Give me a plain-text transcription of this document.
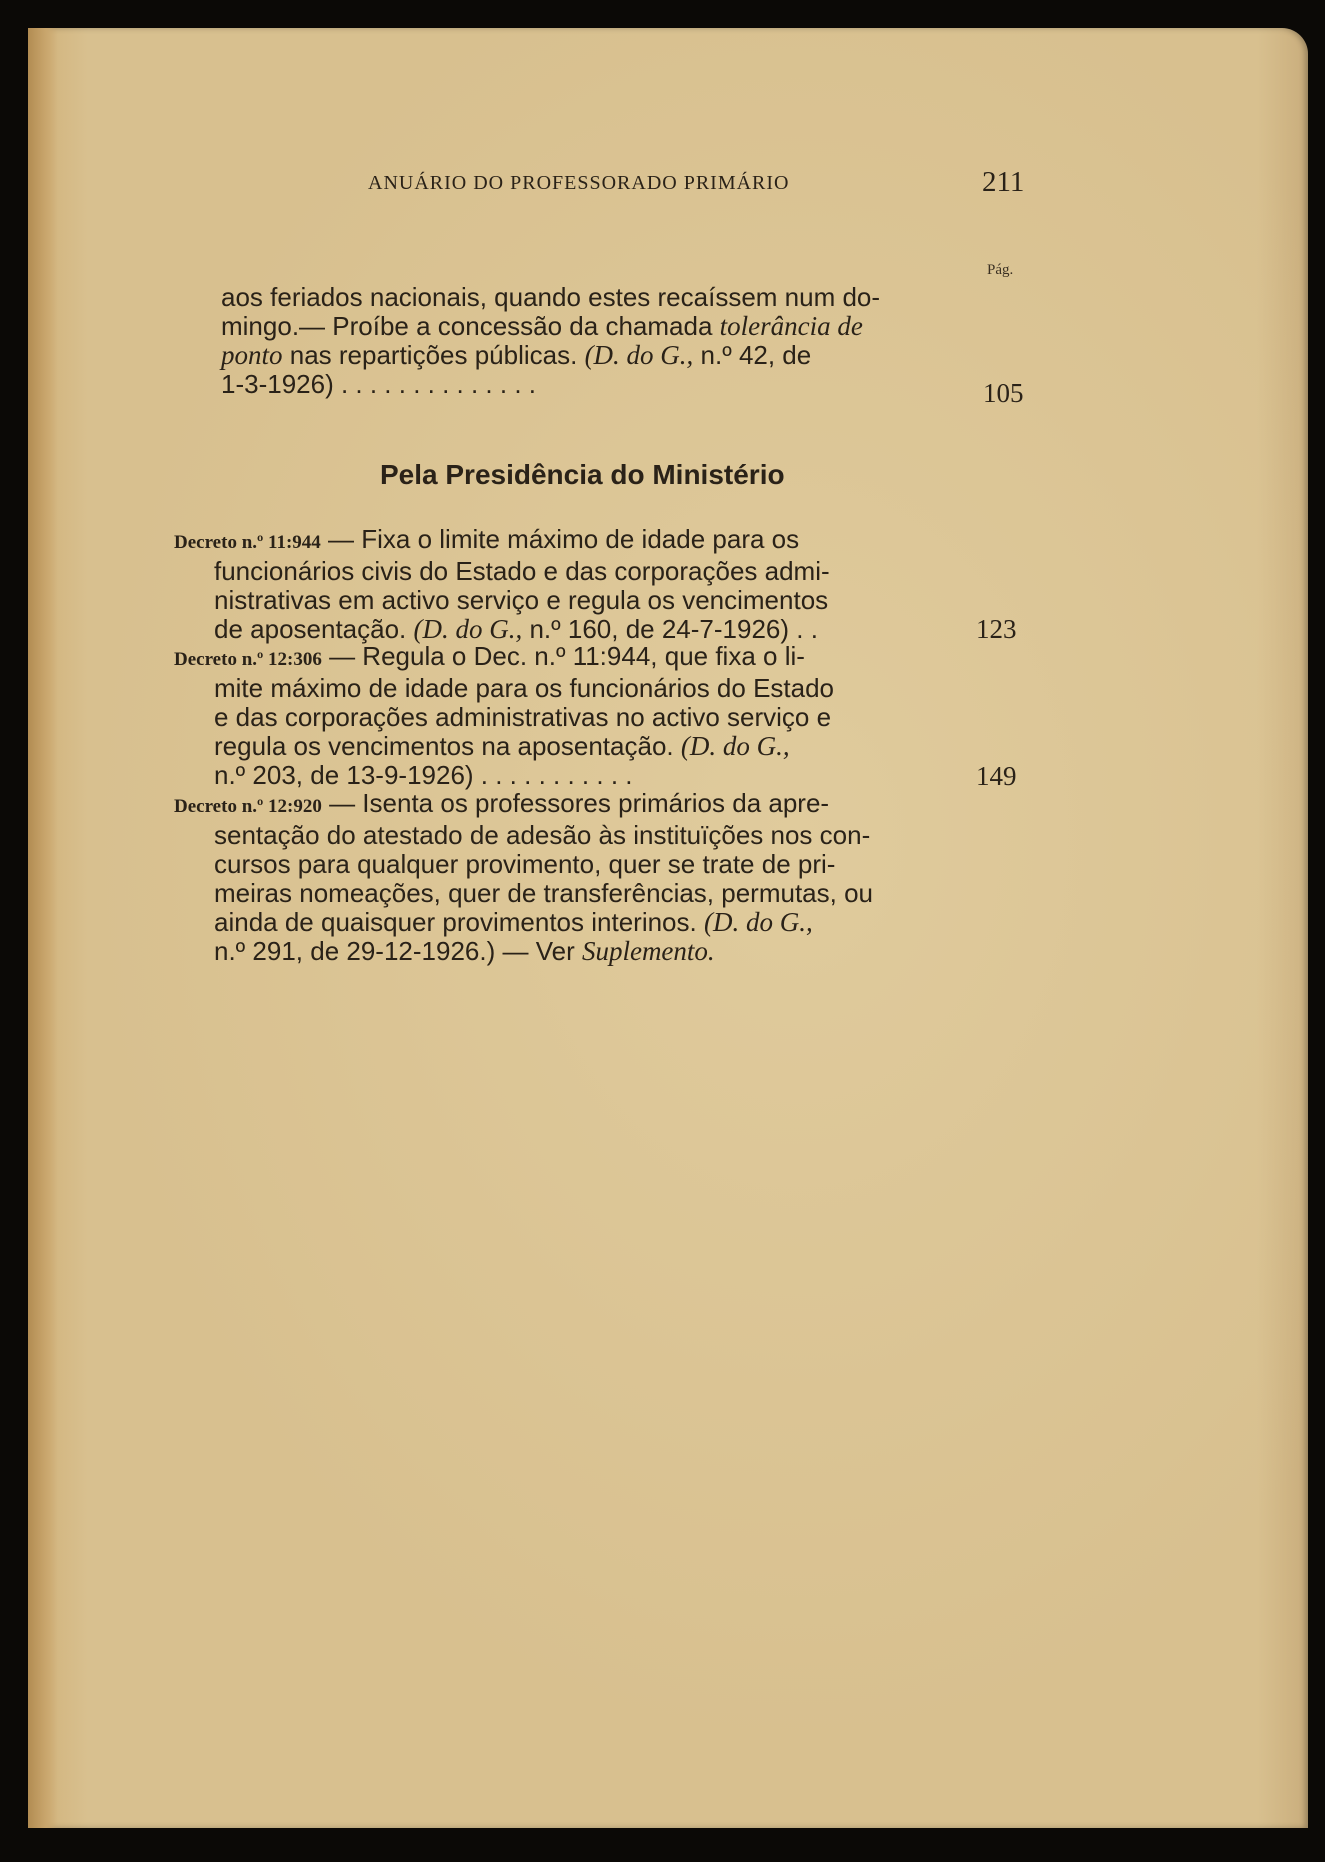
ANUÁRIO DO PROFESSORADO PRIMÁRIO	211
Pág.
aos feriados nacionais, quando estes recaíssem num do-
mingo.— Proíbe a concessão da chamada tolerância de
ponto nas repartições públicas. (D. do G., n.º 42, de
1-3-1926) . . . . . . . . . . . . . .	105
Pela Presidência do Ministério
Decreto n.º 11:944 — Fixa o limite máximo de idade para os
funcionários civis do Estado e das corporações admi-
nistrativas em activo serviço e regula os vencimentos
de aposentação. (D. do G., n.º 160, de 24-7-1926) . .	123
Decreto n.º 12:306 — Regula o Dec. n.º 11:944, que fixa o li-
mite máximo de idade para os funcionários do Estado
e das corporações administrativas no activo serviço e
regula os vencimentos na aposentação. (D. do G.,
n.º 203, de 13-9-1926) . . . . . . . . . . .	149
Decreto n.º 12:920 — Isenta os professores primários da apre-
sentação do atestado de adesão às instituïções nos con-
cursos para qualquer provimento, quer se trate de pri-
meiras nomeações, quer de transferências, permutas, ou
ainda de quaisquer provimentos interinos. (D. do G.,
n.º 291, de 29-12-1926.) — Ver Suplemento.
